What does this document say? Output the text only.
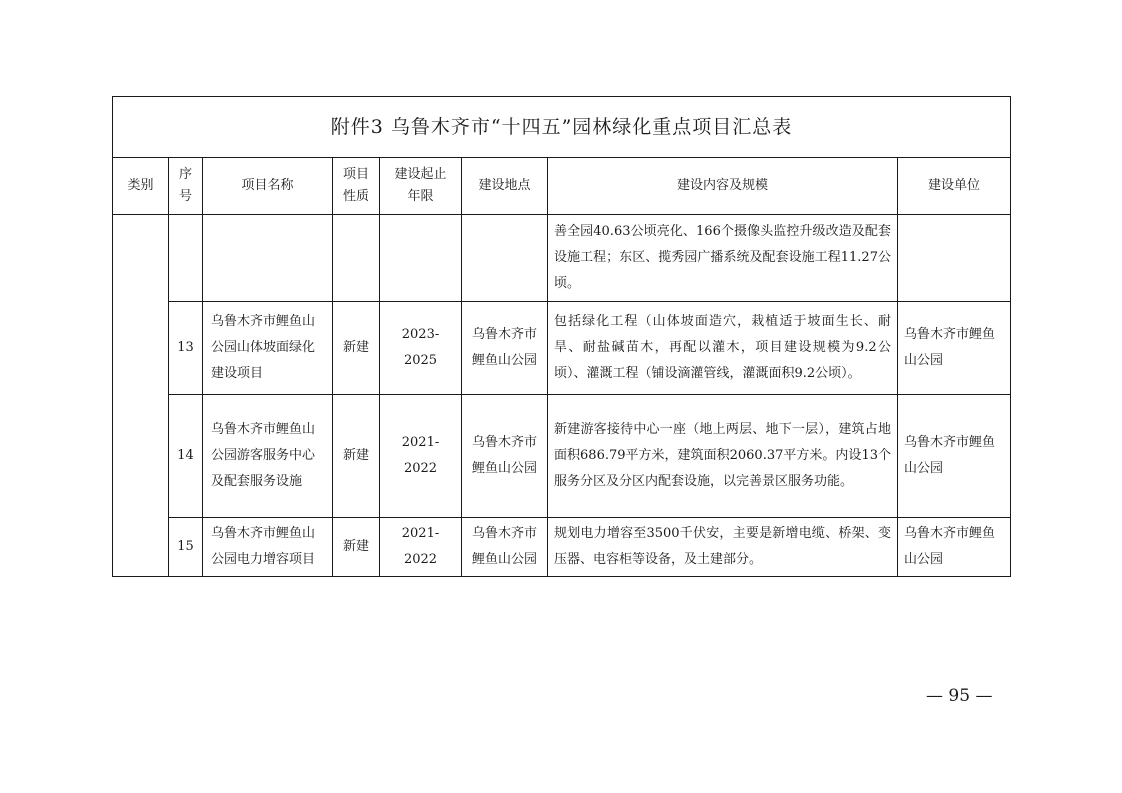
附件3 乌鲁木齐市“十四五”园林绿化重点项目汇总表							
类别	序号	项目名称	项目性质	建设起止年限	建设地点	建设内容及规模	建设单位
						善全园40.63公顷亮化、166个摄像头监控升级改造及配套设施工程；东区、揽秀园广播系统及配套设施工程11.27公顷。	
	13	乌鲁木齐市鲤鱼山公园山体坡面绿化建设项目	新建	2023-2025	乌鲁木齐市鲤鱼山公园	包括绿化工程（山体坡面造穴，栽植适于坡面生长、耐旱、耐盐碱苗木，再配以灌木，项目建设规模为9.2公顷）、灌溉工程（铺设滴灌管线，灌溉面积9.2公顷）。	乌鲁木齐市鲤鱼山公园
	14	乌鲁木齐市鲤鱼山公园游客服务中心及配套服务设施	新建	2021-2022	乌鲁木齐市鲤鱼山公园	新建游客接待中心一座（地上两层、地下一层），建筑占地面积686.79平方米，建筑面积2060.37平方米。内设13个服务分区及分区内配套设施，以完善景区服务功能。	乌鲁木齐市鲤鱼山公园
	15	乌鲁木齐市鲤鱼山公园电力增容项目	新建	2021-2022	乌鲁木齐市鲤鱼山公园	规划电力增容至3500千伏安，主要是新增电缆、桥架、变压器、电容柜等设备，及土建部分。	乌鲁木齐市鲤鱼山公园
— 95 —
